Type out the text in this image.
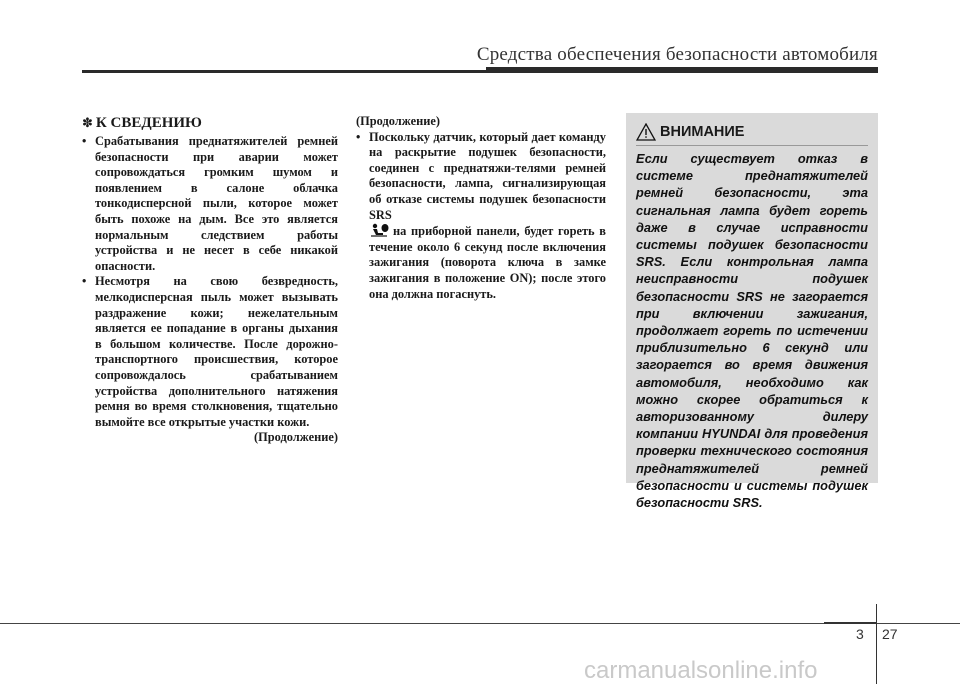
Средства обеспечения безопасности автомобиля
✽ К СВЕДЕНИЮ
• Срабатывания преднатяжителей ремней безопасности при аварии может сопровождаться громким шумом и появлением в салоне облачка тонкодисперсной пыли, которое может быть похоже на дым. Все это является нормальным следствием работы устройства и не несет в себе никакой опасности.
• Несмотря на свою безвредность, мелкодисперсная пыль может вызывать раздражение кожи; нежелательным является ее попадание в органы дыхания в большом количестве. После дорожно-транспортного происшествия, которое сопровождалось срабатыванием устройства дополнительного натяжения ремня во время столкновения, тщательно вымойте все открытые участки кожи.
(Продолжение)
(Продолжение)
• Поскольку датчик, который дает команду на раскрытие подушек безопасности, соединен с преднатяжи-телями ремней безопасности, лампа, сигнализирующая об отказе системы подушек безопасности SRS
на приборной панели, будет гореть в течение около 6 секунд после включения зажигания (поворота ключа в замке зажигания в положение ON); после этого она должна погаснуть.
ВНИМАНИЕ
Если существует отказ в системе преднатяжителей ремней безопасности, эта сигнальная лампа будет гореть даже в случае исправности системы подушек безопасности SRS. Если контрольная лампа неисправности подушек безопасности SRS не загорается при включении зажигания, продолжает гореть по истечении приблизительно 6 секунд или загорается во время движения автомобиля, необходимо как можно скорее обратиться к авторизованному дилеру компании HYUNDAI для проведения проверки технического состояния преднатяжителей ремней безопасности и системы подушек безопасности SRS.
3 27
carmanualsonline.info
